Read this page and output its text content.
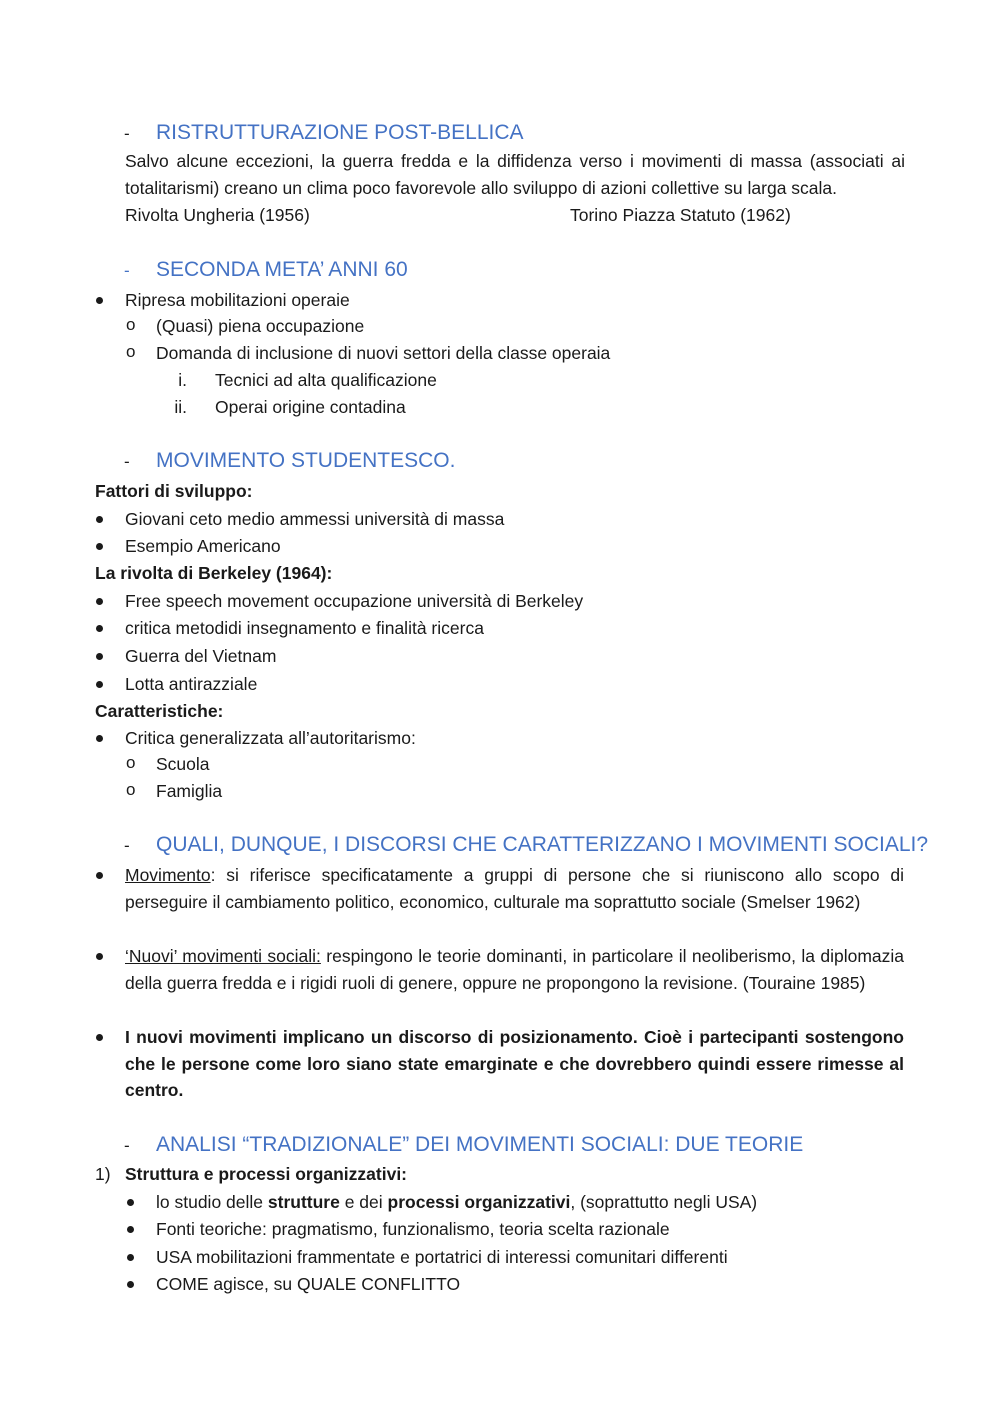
- RISTRUTTURAZIONE POST-BELLICA
Salvo alcune eccezioni, la guerra fredda e la diffidenza verso i movimenti di massa (associati ai totalitarismi) creano un clima poco favorevole allo sviluppo di azioni collettive su larga scala.
Rivolta Ungheria (1956)	Torino Piazza Statuto (1962)
- SECONDA META’ ANNI 60
Ripresa mobilitazioni operaie
o (Quasi) piena occupazione
o Domanda di inclusione di nuovi settori della classe operaia
i. Tecnici ad alta qualificazione
ii. Operai origine contadina
- MOVIMENTO STUDENTESCO.
Fattori di sviluppo:
Giovani ceto medio ammessi università di massa
Esempio Americano
La rivolta di Berkeley (1964):
Free speech movement occupazione università di Berkeley
critica metodidi insegnamento e finalità ricerca
Guerra del Vietnam
Lotta antirazziale
Caratteristiche:
Critica generalizzata all’autoritarismo:
o Scuola
o Famiglia
- QUALI, DUNQUE, I DISCORSI CHE CARATTERIZZANO I MOVIMENTI SOCIALI?
Movimento: si riferisce specificatamente a gruppi di persone che si riuniscono allo scopo di perseguire il cambiamento politico, economico, culturale ma soprattutto sociale (Smelser 1962)
‘Nuovi’ movimenti sociali: respingono le teorie dominanti, in particolare il neoliberismo, la diplomazia della guerra fredda e i rigidi ruoli di genere, oppure ne propongono la revisione. (Touraine 1985)
I nuovi movimenti implicano un discorso di posizionamento. Cioè i partecipanti sostengono che le persone come loro siano state emarginate e che dovrebbero quindi essere rimesse al centro.
- ANALISI “TRADIZIONALE” DEI MOVIMENTI SOCIALI: DUE TEORIE
1) Struttura e processi organizzativi:
lo studio delle strutture e dei processi organizzativi, (soprattutto negli USA)
Fonti teoriche: pragmatismo, funzionalismo, teoria scelta razionale
USA mobilitazioni frammentate e portatrici di interessi comunitari differenti
COME agisce, su QUALE CONFLITTO
